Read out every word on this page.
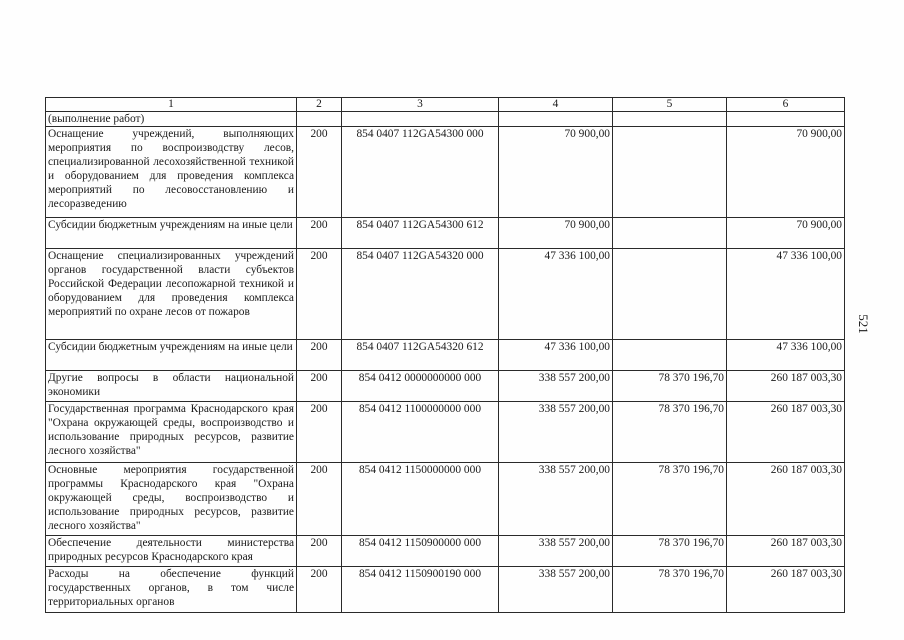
1	2	3	4	5	6
(выполнение работ)					
Оснащение учреждений, выполняющих мероприятия по воспроизводству лесов, специализированной лесохозяйственной техникой и оборудованием для проведения комплекса мероприятий по лесовосстановлению и лесоразведению	200	854 0407 112GA54300 000	70 900,00		70 900,00
Субсидии бюджетным учреждениям на иные цели	200	854 0407 112GA54300 612	70 900,00		70 900,00
Оснащение специализированных учреждений органов государственной власти субъектов Российской Федерации лесопожарной техникой и оборудованием для проведения комплекса мероприятий по охране лесов от пожаров	200	854 0407 112GA54320 000	47 336 100,00		47 336 100,00
Субсидии бюджетным учреждениям на иные цели	200	854 0407 112GA54320 612	47 336 100,00		47 336 100,00
Другие вопросы в области национальной экономики	200	854 0412 0000000000 000	338 557 200,00	78 370 196,70	260 187 003,30
Государственная программа Краснодарского края "Охрана окружающей среды, воспроизводство и использование природных ресурсов, развитие лесного хозяйства"	200	854 0412 1100000000 000	338 557 200,00	78 370 196,70	260 187 003,30
Основные мероприятия государственной программы Краснодарского края "Охрана окружающей среды, воспроизводство и использование природных ресурсов, развитие лесного хозяйства"	200	854 0412 1150000000 000	338 557 200,00	78 370 196,70	260 187 003,30
Обеспечение деятельности министерства природных ресурсов Краснодарского края	200	854 0412 1150900000 000	338 557 200,00	78 370 196,70	260 187 003,30
Расходы на обеспечение функций государственных органов, в том числе территориальных органов	200	854 0412 1150900190 000	338 557 200,00	78 370 196,70	260 187 003,30
521
